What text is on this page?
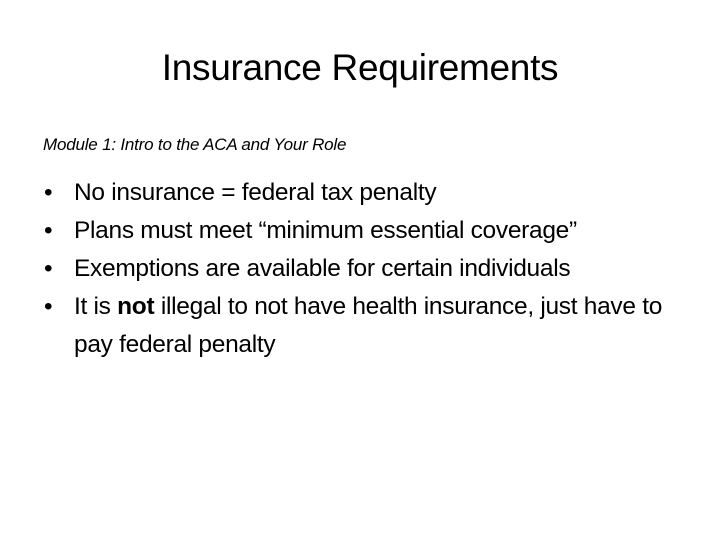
Insurance Requirements
Module 1: Intro to the ACA and Your Role
• No insurance = federal tax penalty
• Plans must meet “minimum essential coverage”
• Exemptions are available for certain individuals
• It is not illegal to not have health insurance, just have to pay federal penalty
